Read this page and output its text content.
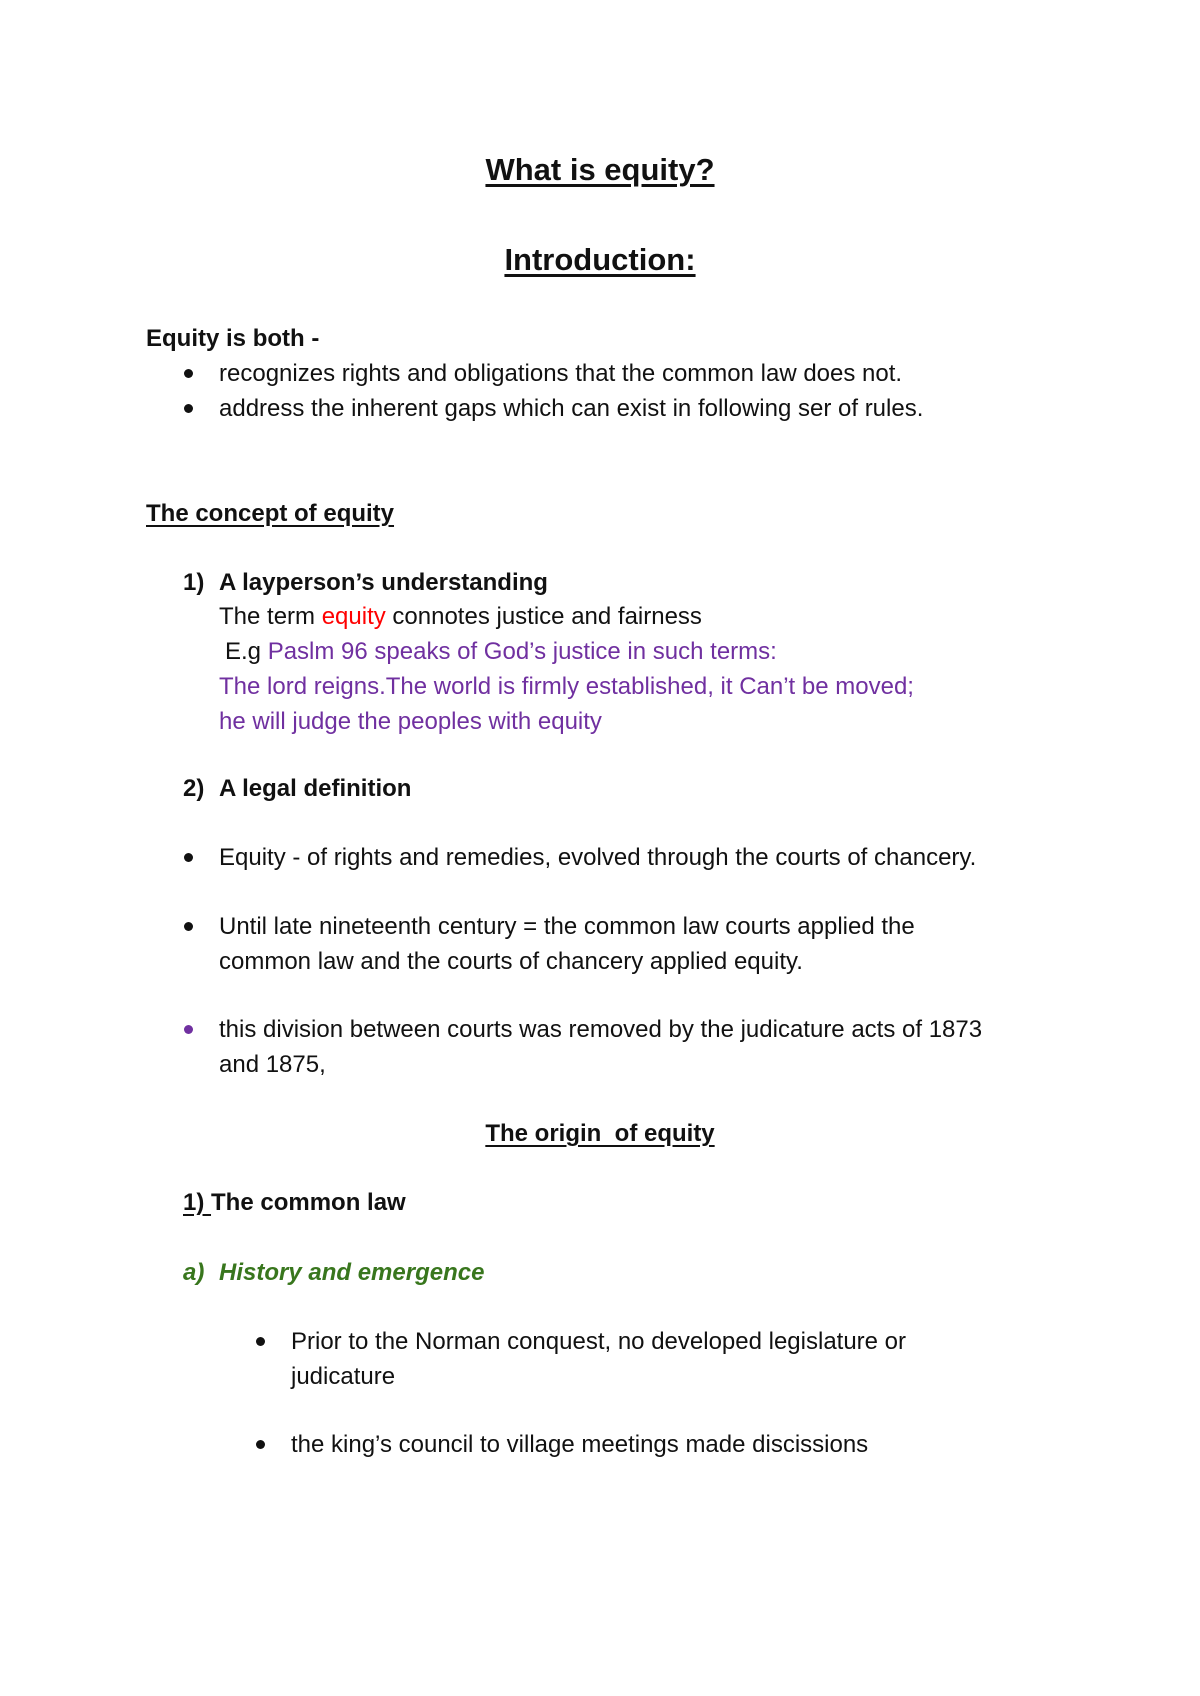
What is equity?
Introduction:
Equity is both -
recognizes rights and obligations that the common law does not.
address the inherent gaps which can exist in following ser of rules.
The concept of equity
1) A layperson’s understanding
The term equity connotes justice and fairness
E.g Paslm 96 speaks of God’s justice in such terms:
The lord reigns.The world is firmly established, it Can’t be moved;
he will judge the peoples with equity
2) A legal definition
Equity - of rights and remedies, evolved through the courts of chancery.
Until late nineteenth century = the common law courts applied the
common law and the courts of chancery applied equity.
this division between courts was removed by the judicature acts of 1873
and 1875,
The origin  of equity
1) The common law
a) History and emergence
Prior to the Norman conquest, no developed legislature or
judicature
the king’s council to village meetings made discissions
